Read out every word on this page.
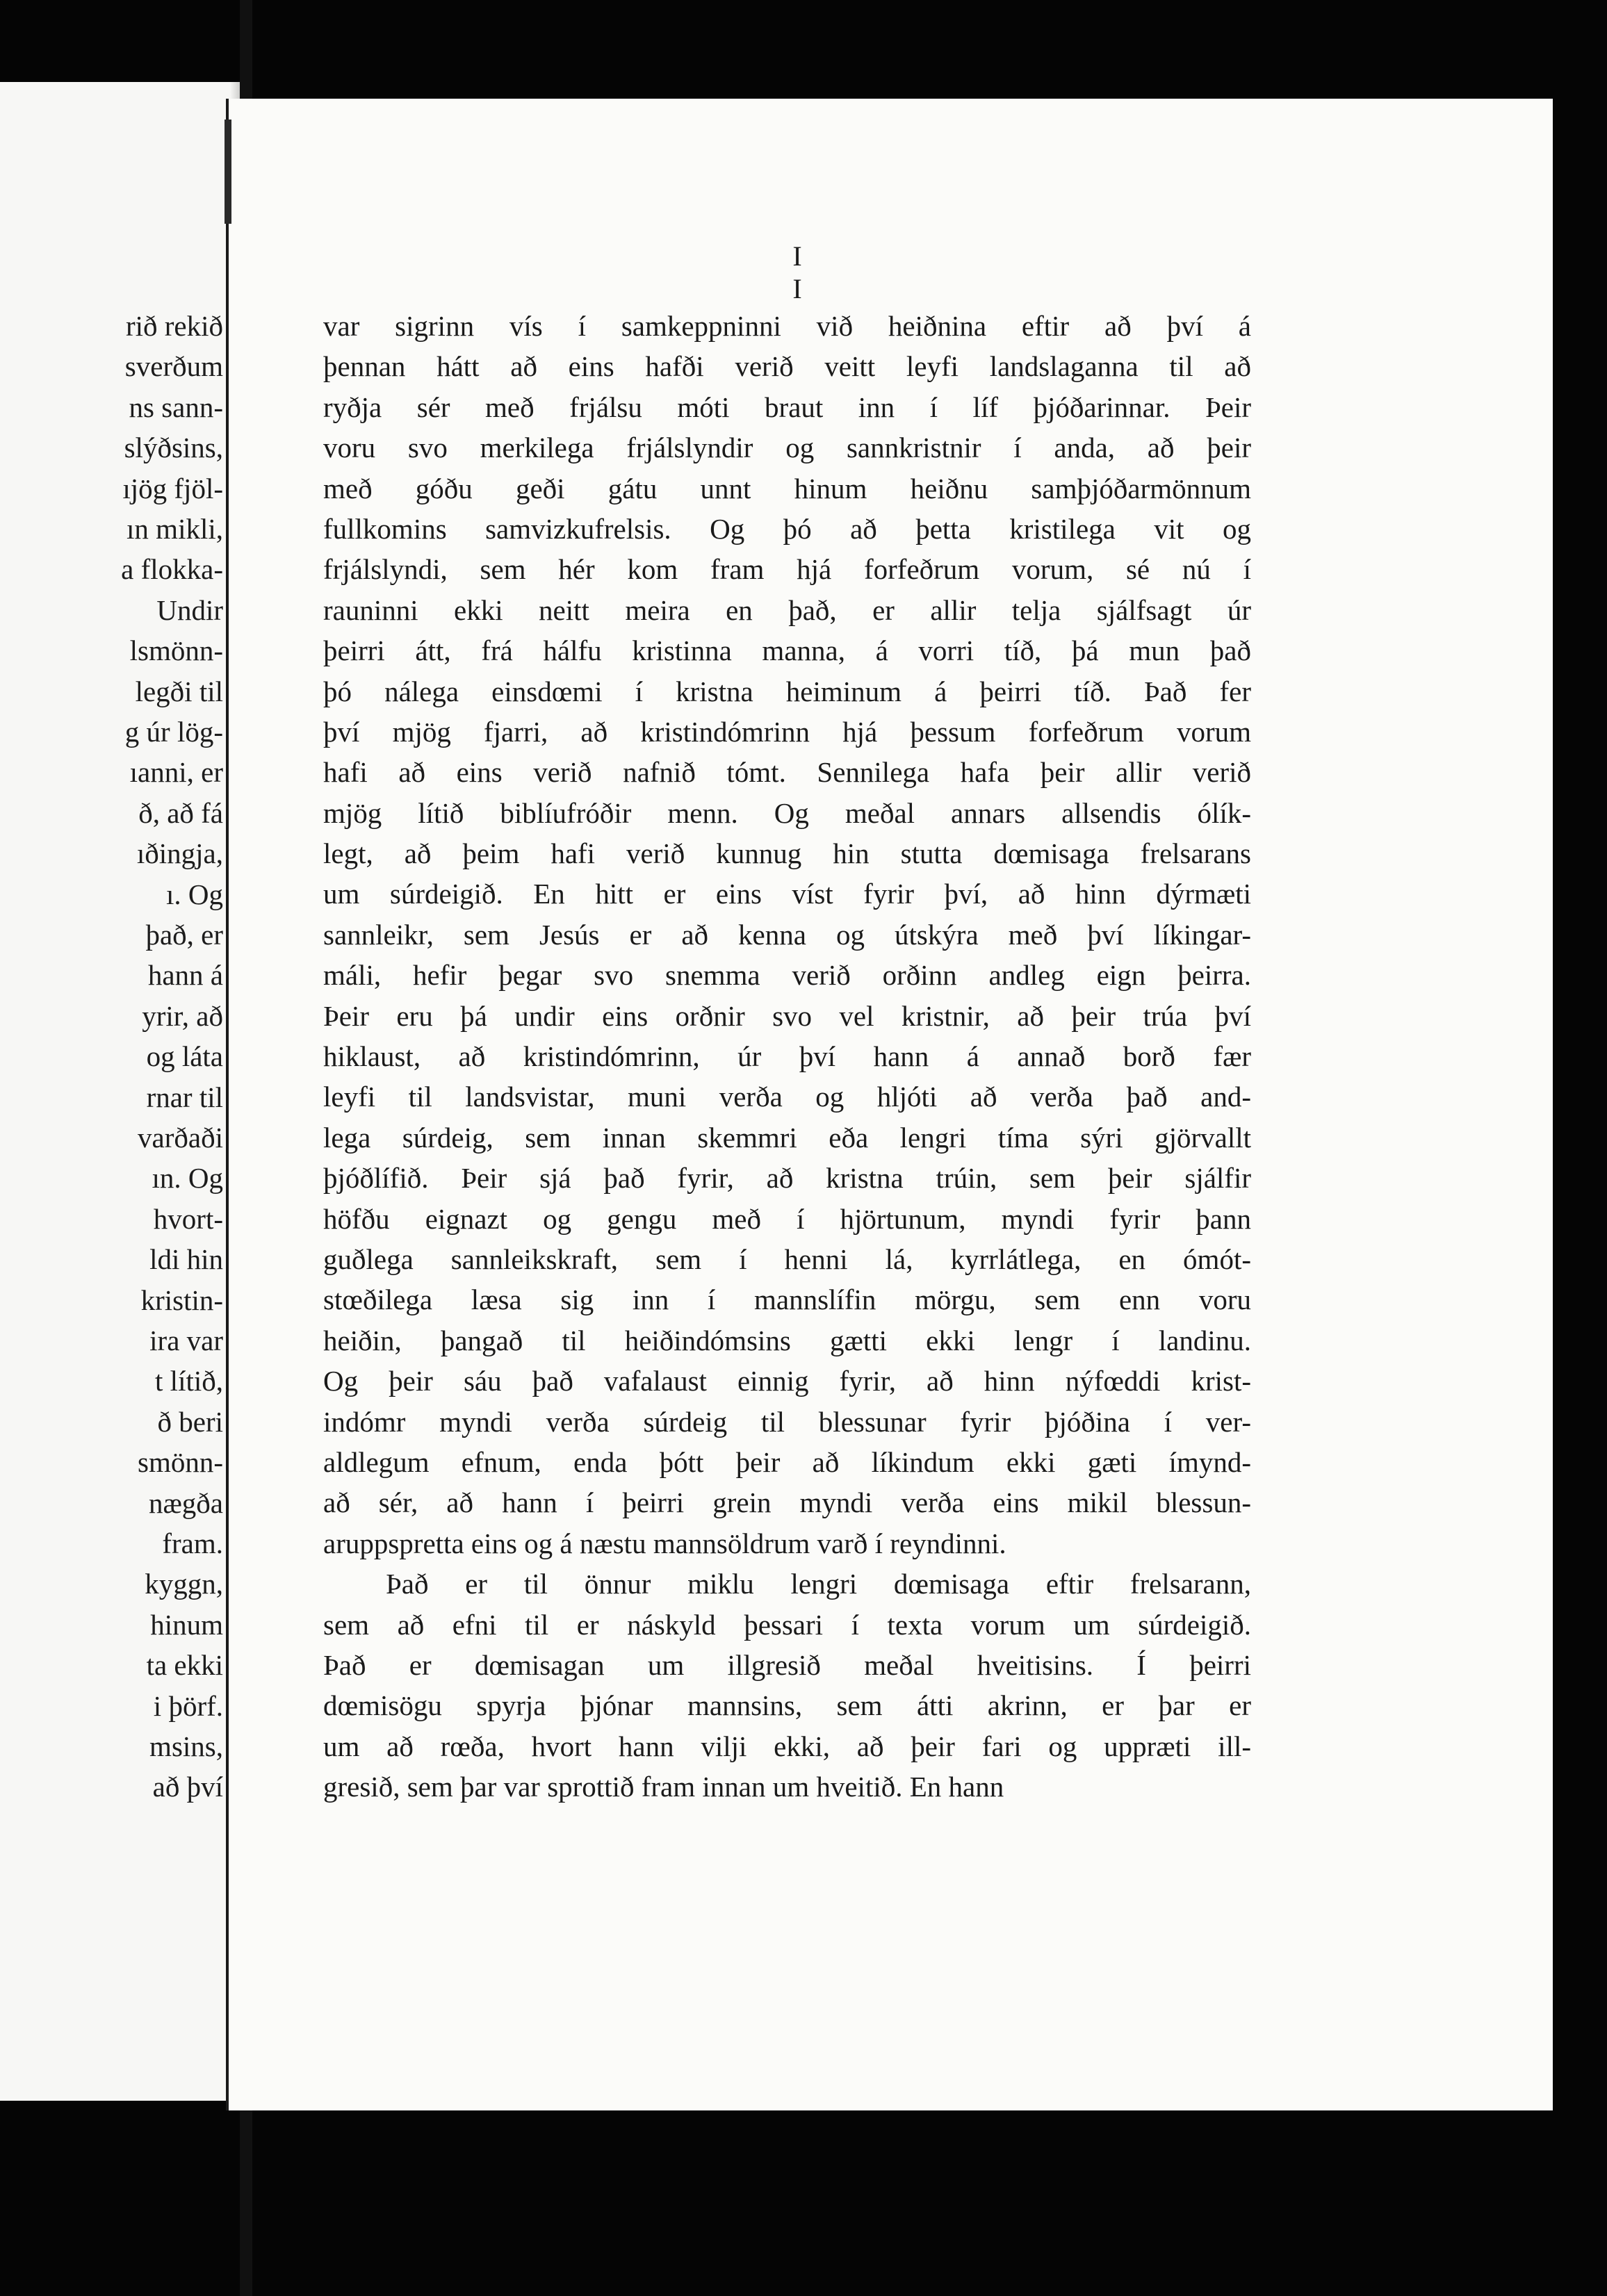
rið rekið
sverðum
ns sann-
slýðsins,
ıjög fjöl-
ın mikli,
a flokka-
Undir
lsmönn-
legði til
g úr lög-
ıanni, er
ð, að fá
ıðingja,
ı. Og
það, er
hann á
yrir, að
og láta
rnar til
varðaði
ın. Og
hvort-
ldi hin
kristin-
ira var
t lítið,
ð beri
smönn-
nægða
fram.
kyggn,
hinum
ta ekki
i þörf.
msins,
að því
I I
var sigrinn vís í samkeppninni við heiðnina eftir að því á
þennan hátt að eins hafði verið veitt leyfi landslaganna til að
ryðja sér með frjálsu móti braut inn í líf þjóðarinnar. Þeir
voru svo merkilega frjálslyndir og sannkristnir í anda, að þeir
með góðu geði gátu unnt hinum heiðnu samþjóðarmönnum
fullkomins samvizkufrelsis. Og þó að þetta kristilega vit og
frjálslyndi, sem hér kom fram hjá forfeðrum vorum, sé nú í
rauninni ekki neitt meira en það, er allir telja sjálfsagt úr
þeirri átt, frá hálfu kristinna manna, á vorri tíð, þá mun það
þó nálega einsdœmi í kristna heiminum á þeirri tíð. Það fer
því mjög fjarri, að kristindómrinn hjá þessum forfeðrum vorum
hafi að eins verið nafnið tómt. Sennilega hafa þeir allir verið
mjög lítið biblíufróðir menn. Og meðal annars allsendis ólík-
legt, að þeim hafi verið kunnug hin stutta dœmisaga frelsarans
um súrdeigið. En hitt er eins víst fyrir því, að hinn dýrmæti
sannleikr, sem Jesús er að kenna og útskýra með því líkingar-
máli, hefir þegar svo snemma verið orðinn andleg eign þeirra.
Þeir eru þá undir eins orðnir svo vel kristnir, að þeir trúa því
hiklaust, að kristindómrinn, úr því hann á annað borð fær
leyfi til landsvistar, muni verða og hljóti að verða það and-
lega súrdeig, sem innan skemmri eða lengri tíma sýri gjörvallt
þjóðlífið. Þeir sjá það fyrir, að kristna trúin, sem þeir sjálfir
höfðu eignazt og gengu með í hjörtunum, myndi fyrir þann
guðlega sannleikskraft, sem í henni lá, kyrrlátlega, en ómót-
stœðilega læsa sig inn í mannslífin mörgu, sem enn voru
heiðin, þangað til heiðindómsins gætti ekki lengr í landinu.
Og þeir sáu það vafalaust einnig fyrir, að hinn nýfœddi krist-
indómr myndi verða súrdeig til blessunar fyrir þjóðina í ver-
aldlegum efnum, enda þótt þeir að líkindum ekki gæti ímynd-
að sér, að hann í þeirri grein myndi verða eins mikil blessun-
aruppspretta eins og á næstu mannsöldrum varð í reyndinni.
Það er til önnur miklu lengri dœmisaga eftir frelsarann,
sem að efni til er náskyld þessari í texta vorum um súrdeigið.
Það er dœmisagan um illgresið meðal hveitisins. Í þeirri
dœmisögu spyrja þjónar mannsins, sem átti akrinn, er þar er
um að rœða, hvort hann vilji ekki, að þeir fari og uppræti ill-
gresið, sem þar var sprottið fram innan um hveitið. En hann
